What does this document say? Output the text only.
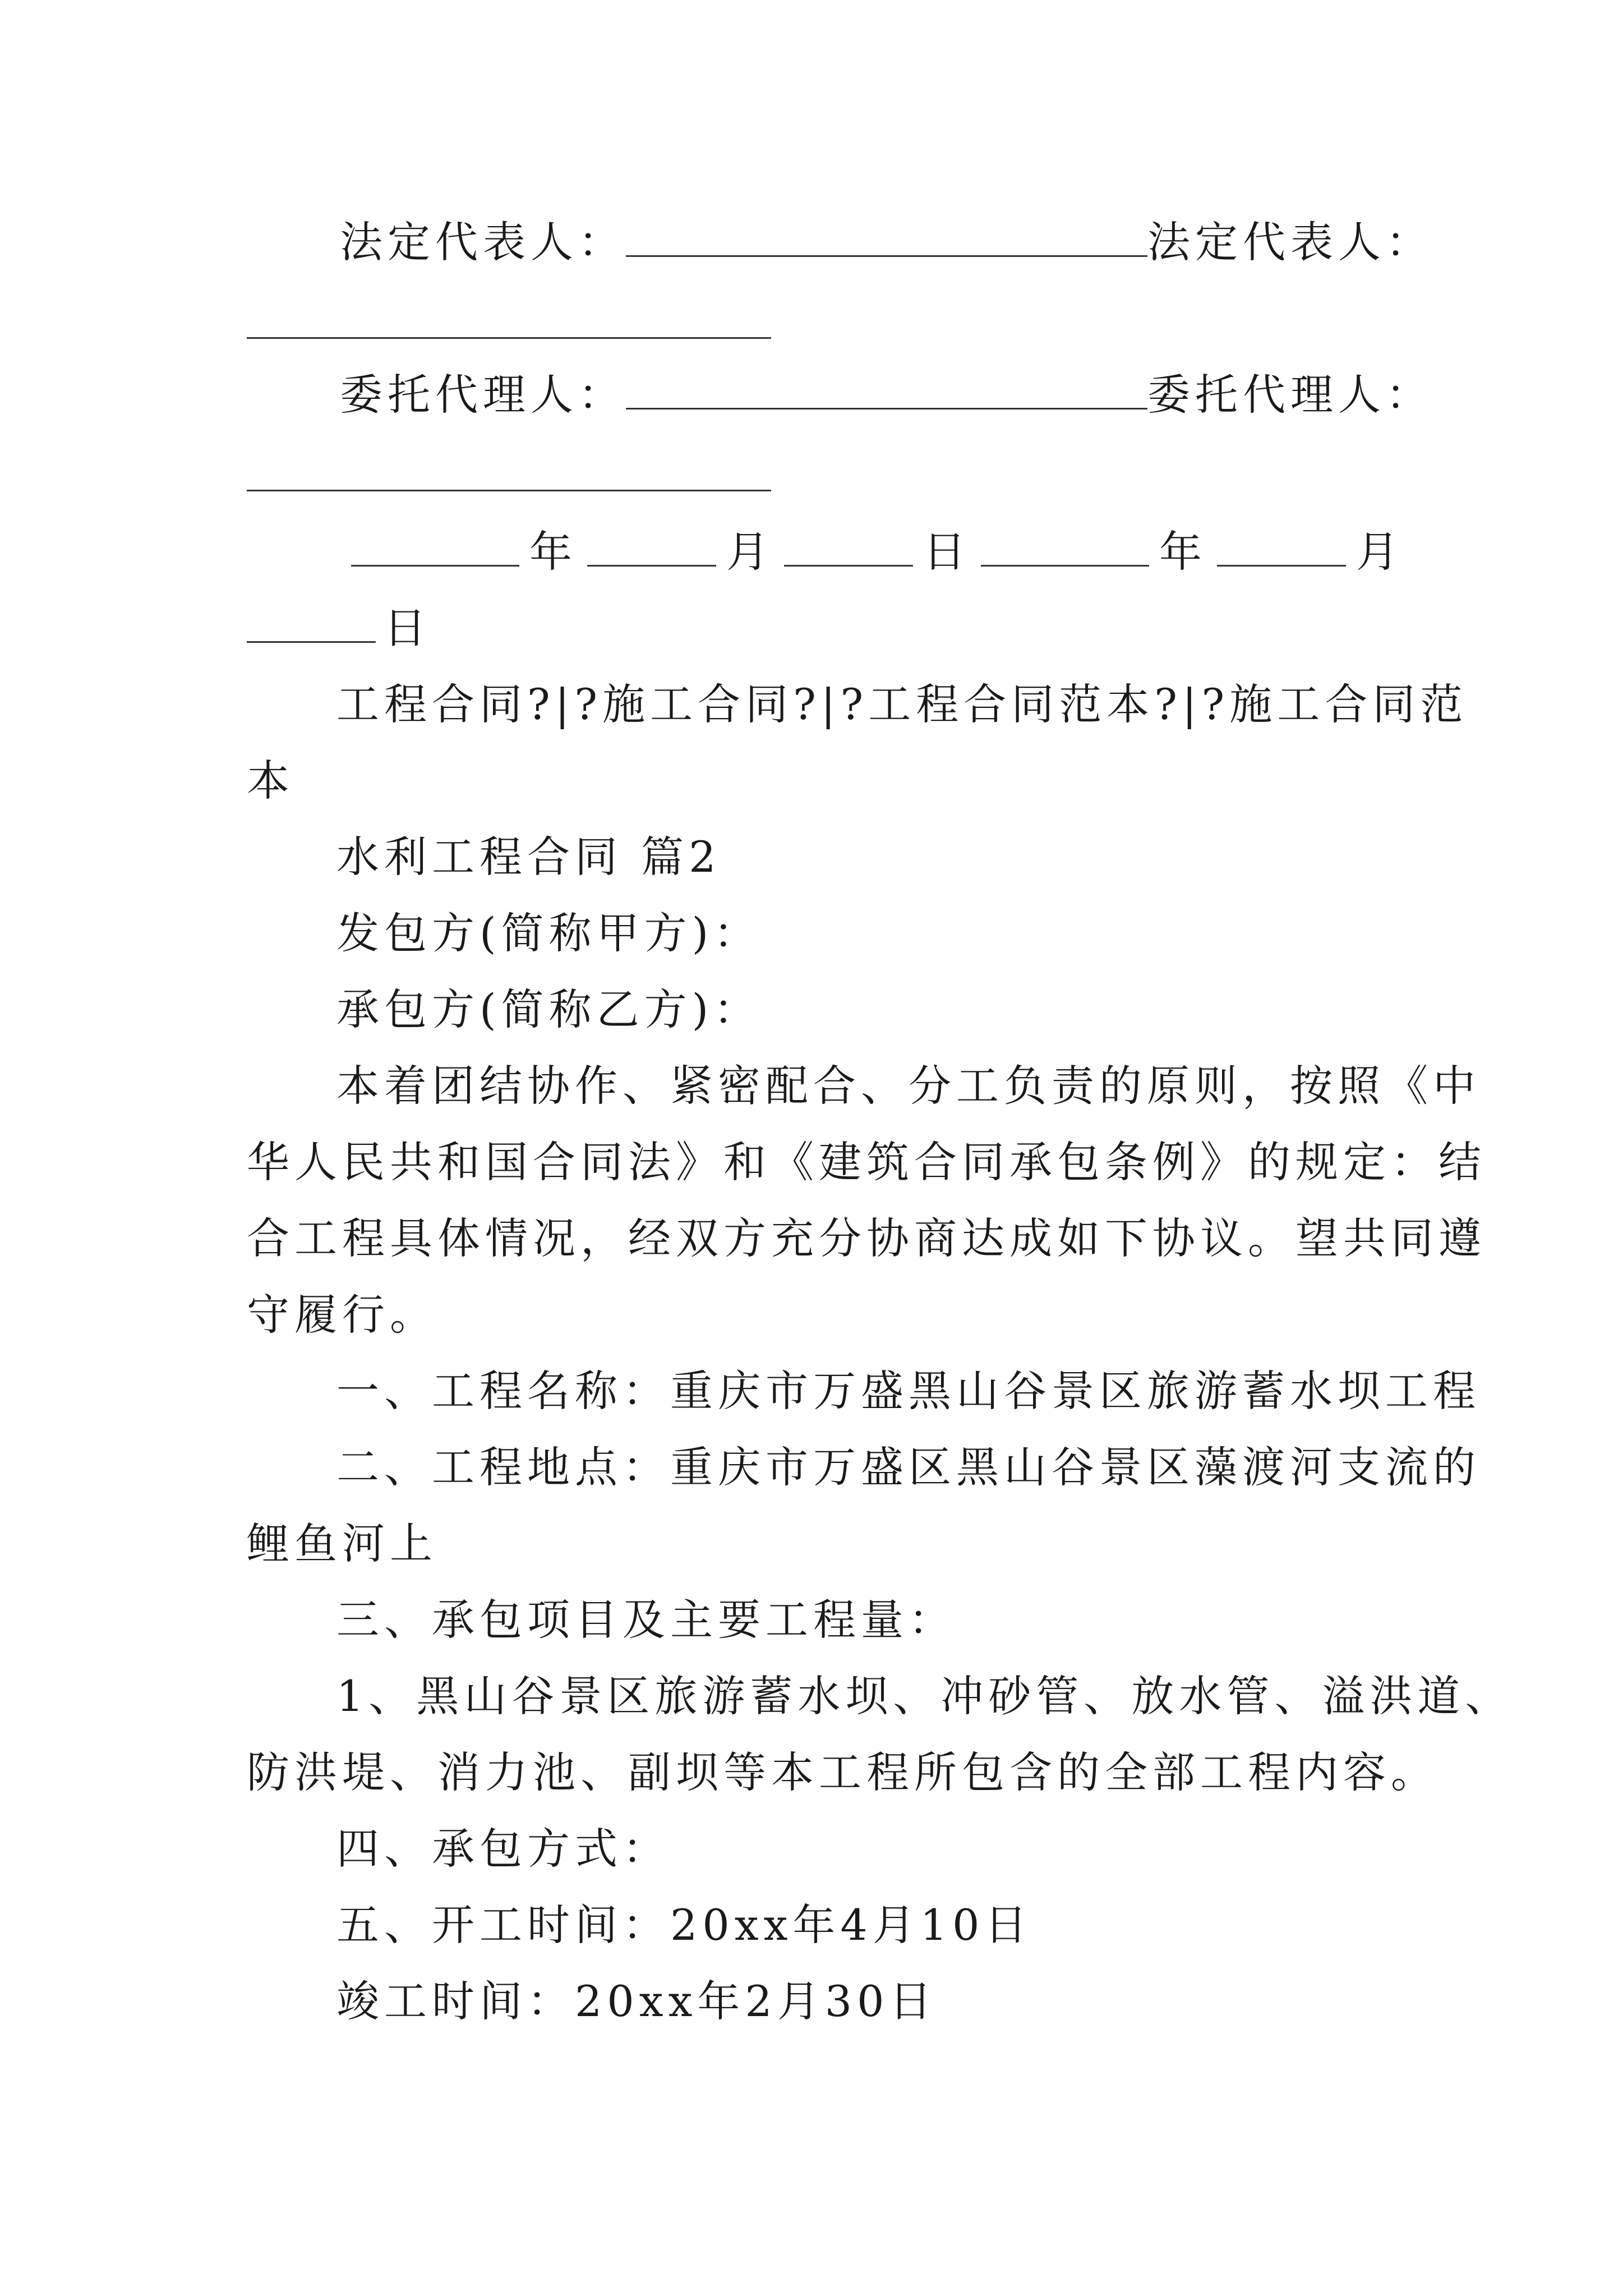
法定代表人：	法定代表人：
委托代理人：	委托代理人：
年	月	日	年	月
日
工程合同?|?施工合同?|?工程合同范本?|?施工合同范
本
水利工程合同 篇2
发包方(简称甲方)：
承包方(简称乙方)：
本着团结协作、紧密配合、分工负责的原则，按照《中
华人民共和国合同法》和《建筑合同承包条例》的规定：结
合工程具体情况，经双方充分协商达成如下协议。望共同遵
守履行。
一、工程名称：重庆市万盛黑山谷景区旅游蓄水坝工程
二、工程地点：重庆市万盛区黑山谷景区藻渡河支流的
鲤鱼河上
三、承包项目及主要工程量：
1、黑山谷景区旅游蓄水坝、冲砂管、放水管、溢洪道、
防洪堤、消力池、副坝等本工程所包含的全部工程内容。
四、承包方式：
五、开工时间：20xx年4月10日
竣工时间：20xx年2月30日
